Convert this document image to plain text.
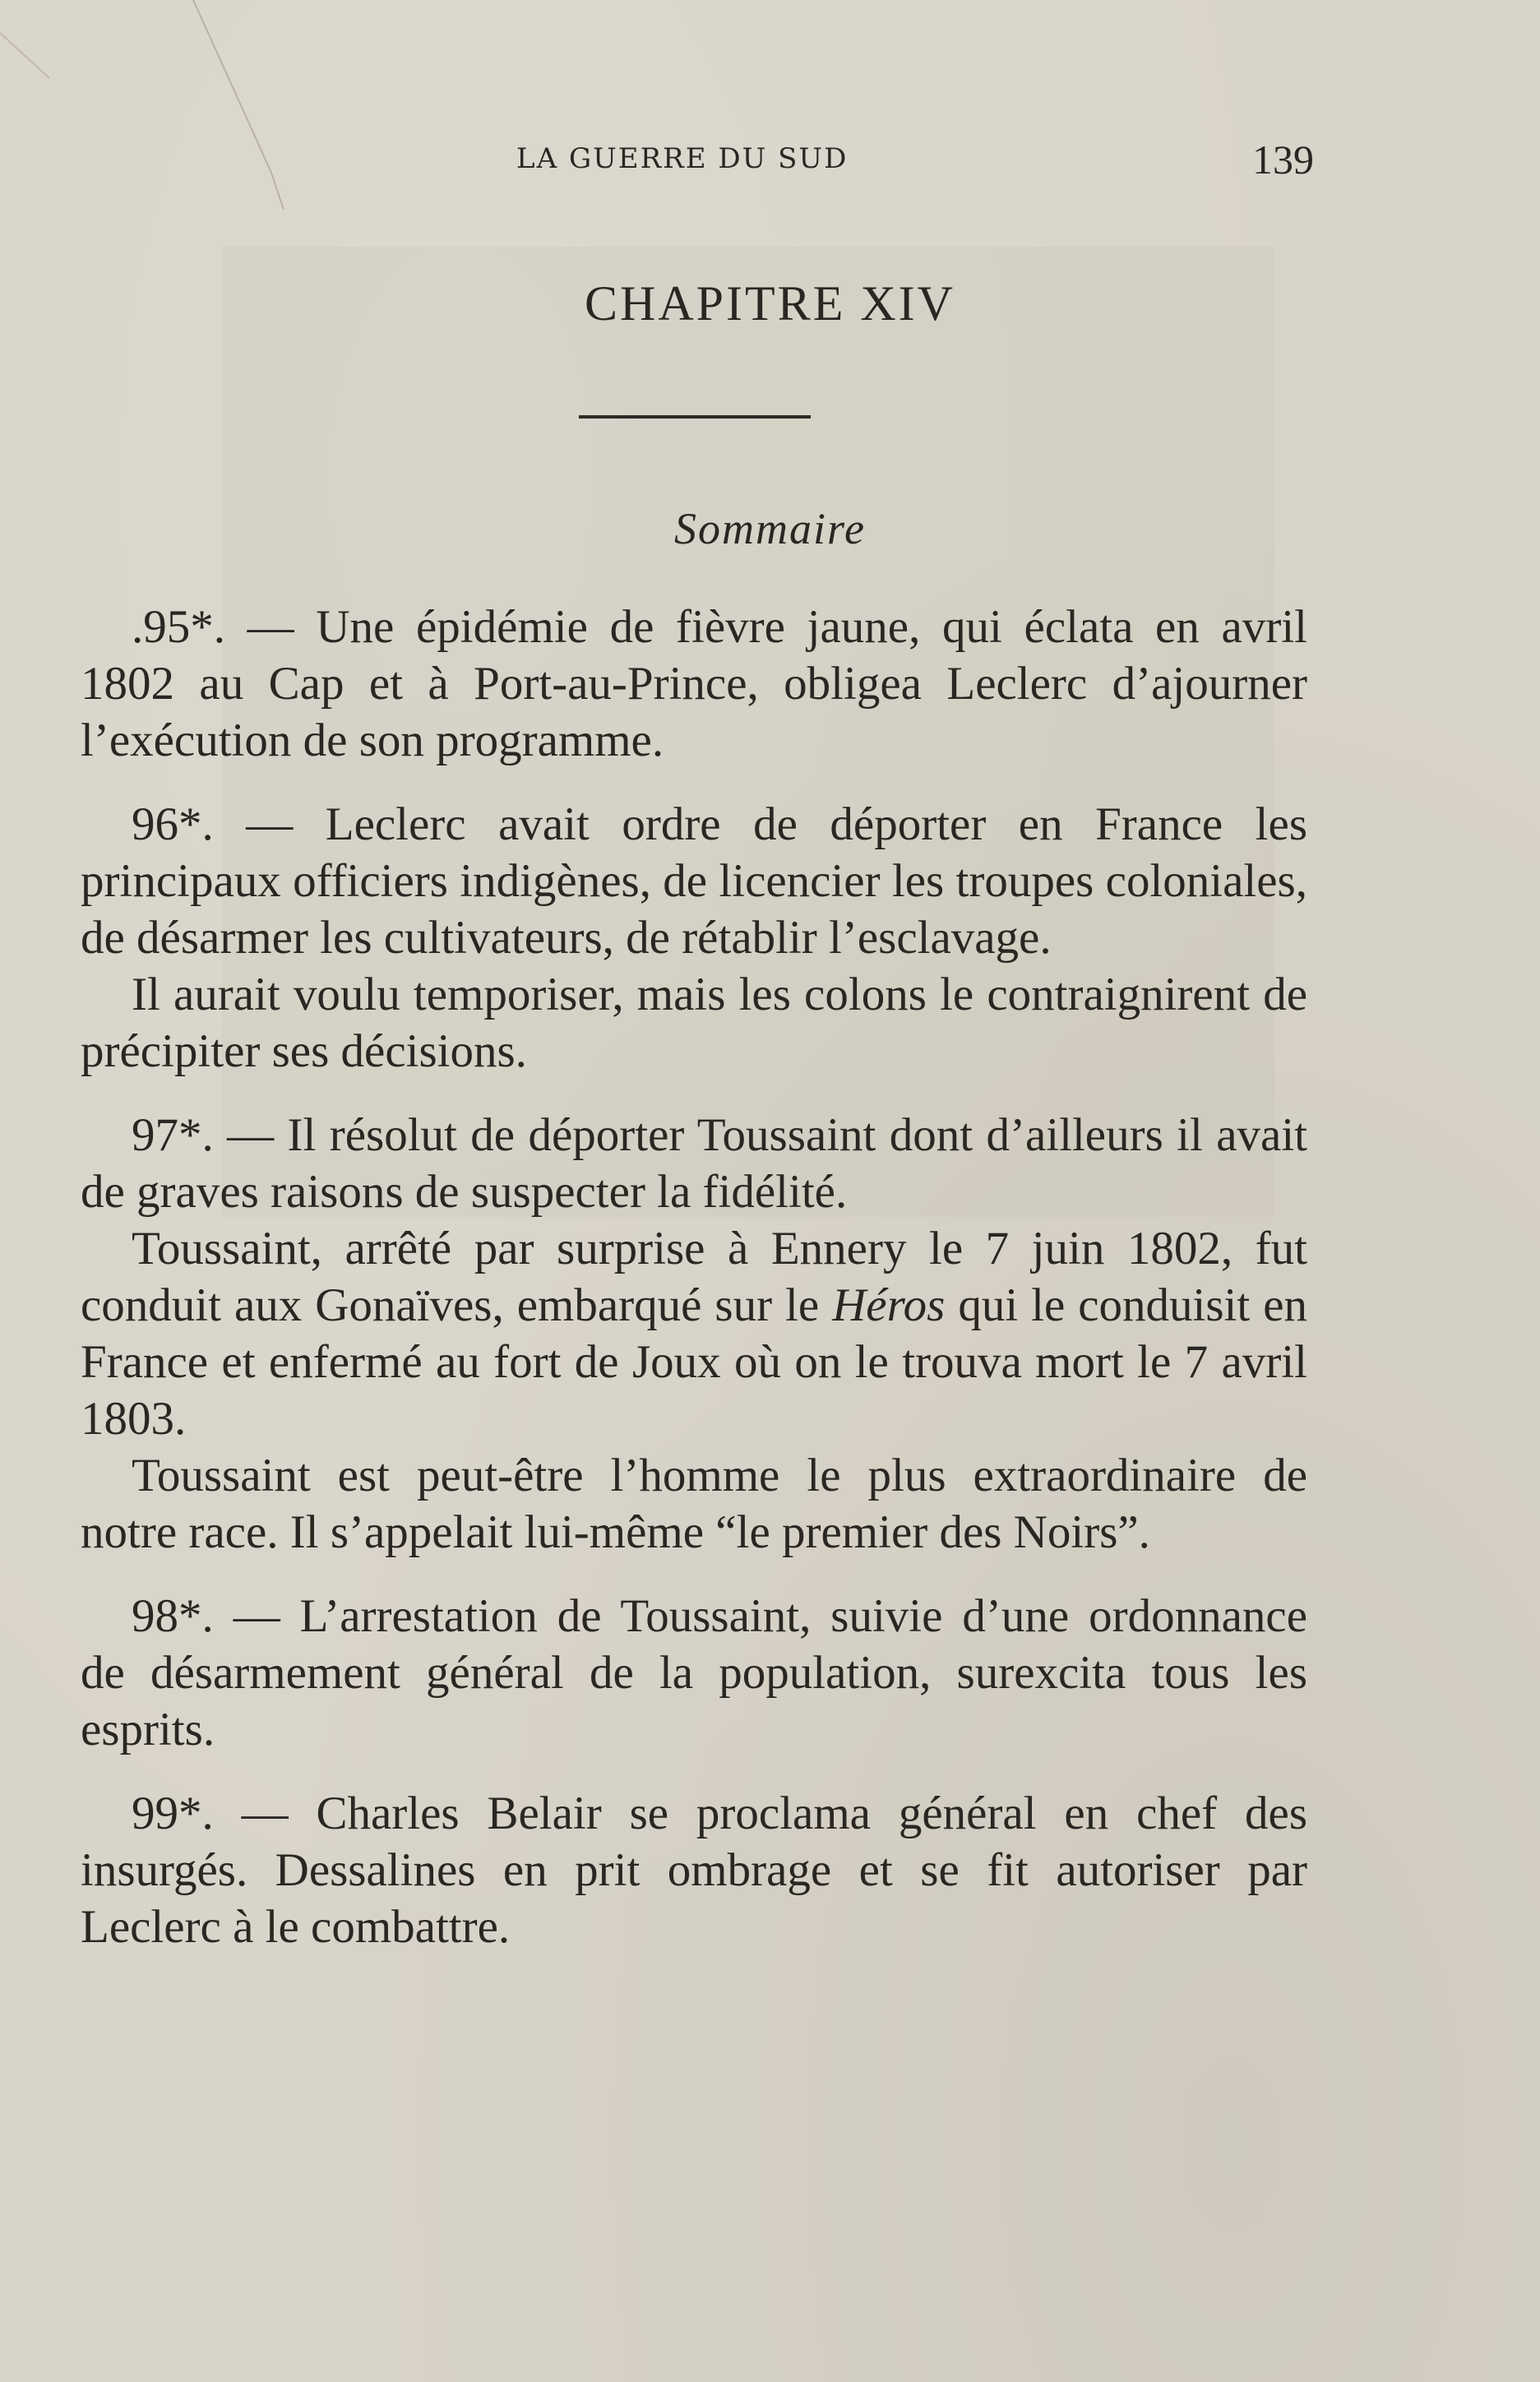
LA GUERRE DU SUD	139
CHAPITRE XIV
Sommaire

.95*. — Une épidémie de fièvre jaune, qui éclata en avril 1802 au Cap et à Port-au-Prince, obligea Leclerc d’ajourner l’exécution de son programme.

96*. — Leclerc avait ordre de déporter en France les principaux officiers indigènes, de licencier les troupes coloniales, de désarmer les cultivateurs, de rétablir l’esclavage.

Il aurait voulu temporiser, mais les colons le contraignirent de précipiter ses décisions.

97*. — Il résolut de déporter Toussaint dont d’ailleurs il avait de graves raisons de suspecter la fidélité.

Toussaint, arrêté par surprise à Ennery le 7 juin 1802, fut conduit aux Gonaïves, embarqué sur le Héros qui le conduisit en France et enfermé au fort de Joux où on le trouva mort le 7 avril 1803.

Toussaint est peut-être l’homme le plus extraordinaire de notre race. Il s’appelait lui-même “le premier des Noirs”.

98*. — L’arrestation de Toussaint, suivie d’une ordonnance de désarmement général de la population, surexcita tous les esprits.

99*. — Charles Belair se proclama général en chef des insurgés. Dessalines en prit ombrage et se fit autoriser par Leclerc à le combattre.
